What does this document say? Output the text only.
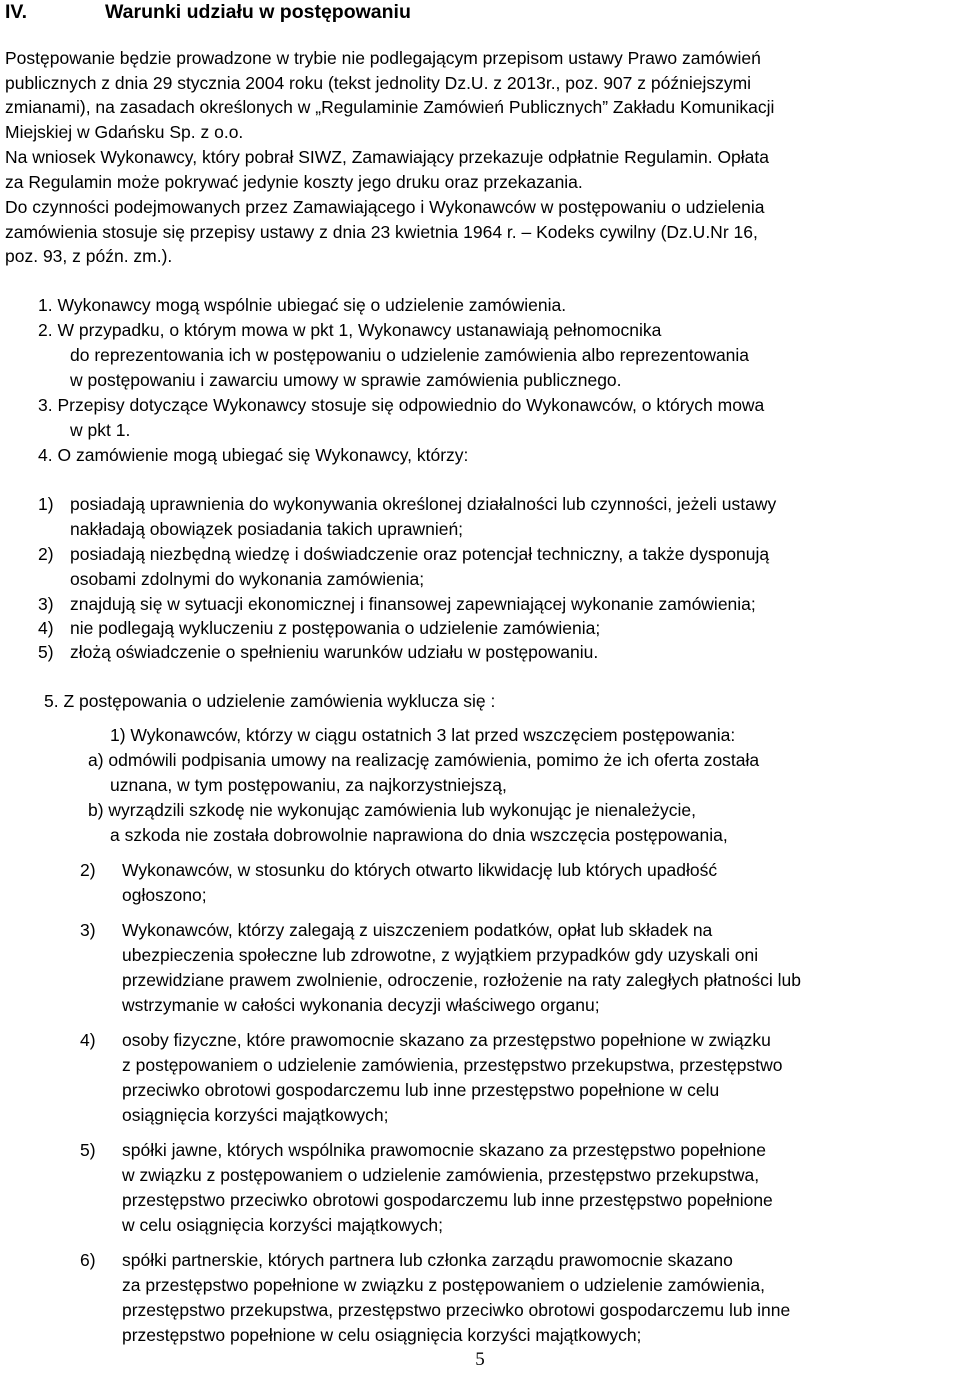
IV.	Warunki udziału w postępowaniu
Postępowanie będzie prowadzone w trybie nie podlegającym przepisom ustawy Prawo zamówień
publicznych z dnia 29 stycznia 2004 roku (tekst jednolity Dz.U. z 2013r., poz. 907 z późniejszymi
zmianami), na zasadach określonych w „Regulaminie Zamówień Publicznych” Zakładu Komunikacji
Miejskiej w Gdańsku Sp. z o.o.
Na wniosek Wykonawcy, który pobrał SIWZ, Zamawiający przekazuje odpłatnie Regulamin. Opłata
za Regulamin może pokrywać jedynie koszty jego druku oraz przekazania.
Do czynności podejmowanych przez Zamawiającego i Wykonawców w postępowaniu o udzielenia
zamówienia stosuje się przepisy ustawy z dnia 23 kwietnia 1964 r. – Kodeks cywilny (Dz.U.Nr 16,
poz. 93, z późn. zm.).
1. Wykonawcy mogą wspólnie ubiegać się o udzielenie zamówienia.
2. W przypadku, o którym mowa w pkt 1, Wykonawcy ustanawiają pełnomocnika
do reprezentowania ich w postępowaniu o udzielenie zamówienia albo reprezentowania
w postępowaniu i zawarciu umowy w sprawie zamówienia publicznego.
3. Przepisy dotyczące Wykonawcy stosuje się odpowiednio do Wykonawców, o których mowa
w pkt 1.
4. O zamówienie mogą ubiegać się Wykonawcy, którzy:
1) posiadają uprawnienia do wykonywania określonej działalności lub czynności, jeżeli ustawy
nakładają obowiązek posiadania takich uprawnień;
2) posiadają niezbędną wiedzę i doświadczenie oraz potencjał techniczny, a także dysponują
osobami zdolnymi do wykonania zamówienia;
3) znajdują się w sytuacji ekonomicznej i finansowej zapewniającej wykonanie zamówienia;
4) nie podlegają wykluczeniu z postępowania o udzielenie zamówienia;
5) złożą oświadczenie o spełnieniu warunków udziału w postępowaniu.
5. Z postępowania o udzielenie zamówienia wyklucza się :
1) Wykonawców, którzy w ciągu ostatnich 3 lat przed wszczęciem postępowania:
a) odmówili podpisania umowy na realizację zamówienia, pomimo że ich oferta została
uznana, w tym postępowaniu, za najkorzystniejszą,
b) wyrządzili szkodę nie wykonując zamówienia lub wykonując je nienależycie,
a szkoda nie została dobrowolnie naprawiona do dnia wszczęcia postępowania,
2) Wykonawców, w stosunku do których otwarto likwidację lub których upadłość
ogłoszono;
3) Wykonawców, którzy zalegają z uiszczeniem podatków, opłat lub składek na
ubezpieczenia społeczne lub zdrowotne, z wyjątkiem przypadków gdy uzyskali oni
przewidziane prawem zwolnienie, odroczenie, rozłożenie na raty zaległych płatności lub
wstrzymanie w całości wykonania decyzji właściwego organu;
4) osoby fizyczne, które prawomocnie skazano za przestępstwo popełnione w związku
z postępowaniem o udzielenie zamówienia, przestępstwo przekupstwa, przestępstwo
przeciwko obrotowi gospodarczemu lub inne przestępstwo popełnione w celu
osiągnięcia korzyści majątkowych;
5) spółki jawne, których wspólnika prawomocnie skazano za przestępstwo popełnione
w związku z postępowaniem o udzielenie zamówienia, przestępstwo przekupstwa,
przestępstwo przeciwko obrotowi gospodarczemu lub inne przestępstwo popełnione
w celu osiągnięcia korzyści majątkowych;
6) spółki partnerskie, których partnera lub członka zarządu prawomocnie skazano
za przestępstwo popełnione w związku z postępowaniem o udzielenie zamówienia,
przestępstwo przekupstwa, przestępstwo przeciwko obrotowi gospodarczemu lub inne
przestępstwo popełnione w celu osiągnięcia korzyści majątkowych;
5
